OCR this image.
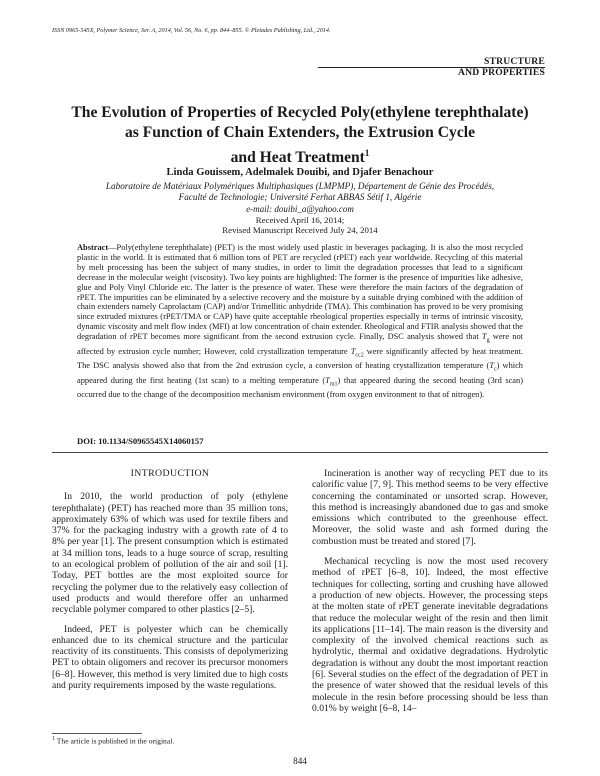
ISSN 0965-545X, Polymer Science, Ser. A, 2014, Vol. 56, No. 6, pp. 844–855. © Pleiades Publishing, Ltd., 2014.
STRUCTURE
AND PROPERTIES
The Evolution of Properties of Recycled Poly(ethylene terephthalate)
as Function of Chain Extenders, the Extrusion Cycle
and Heat Treatment$^1$
Linda Gouissem, Adelmalek Douibi, and Djafer Benachour
Laboratoire de Matériaux Polymériques Multiphasiques (LMPMP), Département de Génie des Procédés,
Faculté de Technologie; Université Ferhat ABBAS Sétif 1, Algérie
e-mail: douibi_a@yahoo.com
Received April 16, 2014;
Revised Manuscript Received July 24, 2014
Abstract—Poly(ethylene terephthalate) (PET) is the most widely used plastic in beverages packaging. It is also the most recycled plastic in the world. It is estimated that 6 million tons of PET are recycled (rPET) each year worldwide. Recycling of this material by melt processing has been the subject of many studies, in order to limit the degradation processes that lead to a significant decrease in the molecular weight (viscosity). Two key points are highlighted: The former is the presence of impurities like adhesive, glue and Poly Vinyl Chloride etc. The latter is the presence of water. These were therefore the main factors of the degradation of rPET. The impurities can be eliminated by a selective recovery and the moisture by a suitable drying combined with the addition of chain extenders namely Caprolactam (CAP) and/or Trimellitic anhydride (TMA). This combination has proved to be very promising since extruded mixtures (rPET/TMA or CAP) have quite acceptable rheological properties especially in terms of intrinsic viscosity, dynamic viscosity and melt flow index (MFI) at low concentration of chain extender. Rheological and FTIR analysis showed that the degradation of rPET becomes more significant from the second extrusion cycle. Finally, DSC analysis showed that $T_g$ were not affected by extrusion cycle number; However, cold crystallization temperature $T_{cc2}$ were significantly affected by heat treatment. The DSC analysis showed also that from the 2nd extrusion cycle, a conversion of heating crystallization temperature $(T_c)$ which appeared during the first heating (1st scan) to a melting temperature $(T_{m1})$ that appeared during the second heating (3rd scan) occurred due to the change of the decomposition mechanism environment (from oxygen environment to that of nitrogen).
DOI: 10.1134/S0965545X14060157
INTRODUCTION

In 2010, the world production of poly (ethylene terephthalate) (PET) has reached more than 35 million tons, approximately 63% of which was used for textile fibers and 37% for the packaging industry with a growth rate of 4 to 8% per year [1]. The present consumption which is estimated at 34 million tons, leads to a huge source of scrap, resulting to an ecological problem of pollution of the air and soil [1]. Today, PET bottles are the most exploited source for recycling the polymer due to the relatively easy collection of used products and would therefore offer an unharmed recyclable polymer compared to other plastics [2–5].

Indeed, PET is polyester which can be chemically enhanced due to its chemical structure and the particular reactivity of its constituents. This consists of depolymerizing PET to obtain oligomers and recover its precursor monomers [6–8]. However, this method is very limited due to high costs and purity requirements imposed by the waste regulations.

Incineration is another way of recycling PET due to its calorific value [7, 9]. This method seems to be very effective concerning the contaminated or unsorted scrap. However, this method is increasingly abandoned due to gas and smoke emissions which contributed to the greenhouse effect. Moreover, the solid waste and ash formed during the combustion must be treated and stored [7].

Mechanical recycling is now the most used recovery method of rPET [6–8, 10]. Indeed, the most effective techniques for collecting, sorting and crushing have allowed a production of new objects. However, the processing steps at the molten state of rPET generate inevitable degradations that reduce the molecular weight of the resin and then limit its applications [11–14]. The main reason is the diversity and complexity of the involved chemical reactions such as hydrolytic, thermal and oxidative degradations. Hydrolytic degradation is without any doubt the most important reaction [6]. Several studies on the effect of the degradation of PET in the presence of water showed that the residual levels of this molecule in the resin before processing should be less than 0.01% by weight [6–8, 14–

$^1$ The article is published in the original.
844
